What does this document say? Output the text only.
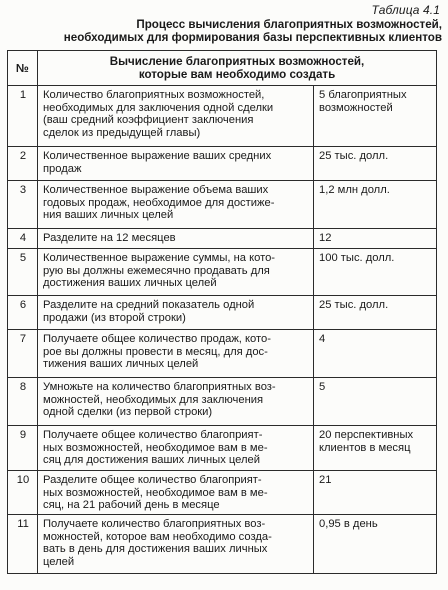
Таблица 4.1
Процесс вычисления благоприятных возможностей,
необходимых для формирования базы перспективных клиентов
№	Вычисление благоприятных возможностей,
которые вам необходимо создать	

1	Количество благоприятных возможностей,
необходимых для заключения одной сделки
(ваш средний коэффициент заключения
сделок из предыдущей главы)	5 благоприятных
возможностей

2	Количественное выражение ваших средних
продаж	25 тыс. долл.

3	Количественное выражение объема ваших
годовых продаж, необходимое для достиже-
ния ваших личных целей	1,2 млн долл.

4	Разделите на 12 месяцев	12

5	Количественное выражение суммы, на кото-
рую вы должны ежемесячно продавать для
достижения ваших личных целей	100 тыс. долл.

6	Разделите на средний показатель одной
продажи (из второй строки)	25 тыс. долл.

7	Получаете общее количество продаж, кото-
рое вы должны провести в месяц, для дос-
тижения ваших личных целей	4

8	Умножьте на количество благоприятных воз-
можностей, необходимых для заключения
одной сделки (из первой строки)	5

9	Получаете общее количество благоприят-
ных возможностей, необходимое вам в ме-
сяц для достижения ваших личных целей	20 перспективных
клиентов в месяц

10	Разделите общее количество благоприят-
ных возможностей, необходимое вам в ме-
сяц, на 21 рабочий день в месяце	21

11	Получаете количество благоприятных воз-
можностей, которое вам необходимо созда-
вать в день для достижения ваших личных
целей	0,95 в день
